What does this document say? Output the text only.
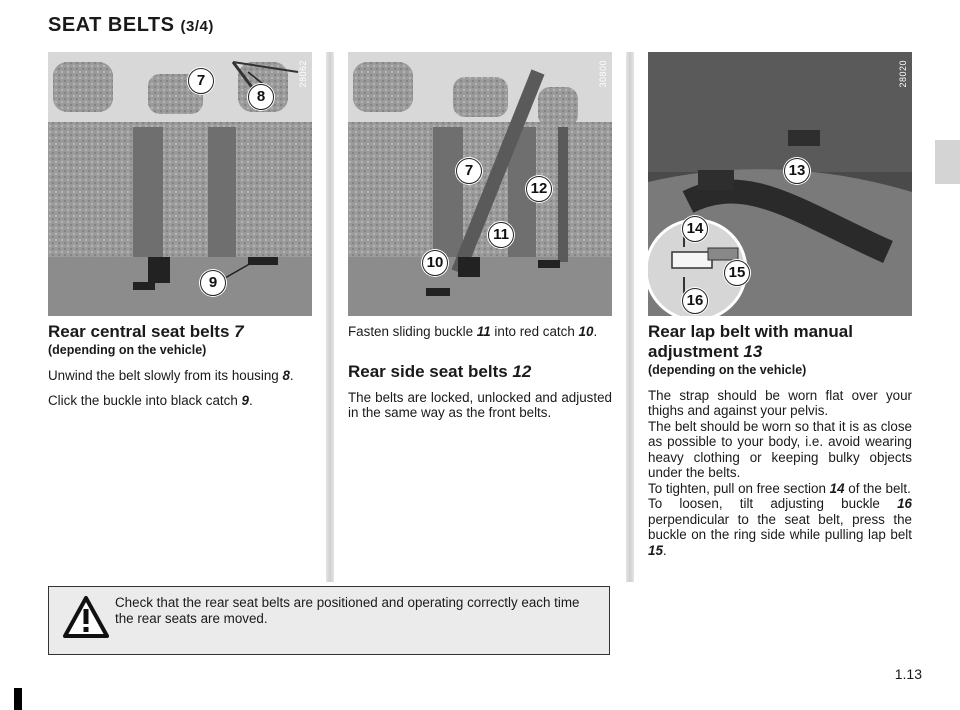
SEAT BELTS (3/4)
28062
7
8
9
30800
7
12
11
10
28020
13
14
15
16
Rear central seat belts 7
(depending on the vehicle)

Unwind the belt slowly from its housing 8.

Click the buckle into black catch 9.

Fasten sliding buckle 11 into red catch 10.

Rear side seat belts 12

The belts are locked, unlocked and adjusted in the same way as the front belts.

Rear lap belt with manual adjustment 13
(depending on the vehicle)

The strap should be worn flat over your thighs and against your pelvis.

The belt should be worn so that it is as close as possible to your body, i.e. avoid wearing heavy clothing or keeping bulky objects under the belts.

To tighten, pull on free section 14 of the belt.

To loosen, tilt adjusting buckle 16 perpendicular to the seat belt, press the buckle on the ring side while pulling lap belt 15.

Check that the rear seat belts are positioned and operating correctly each time the rear seats are moved.
1.13
